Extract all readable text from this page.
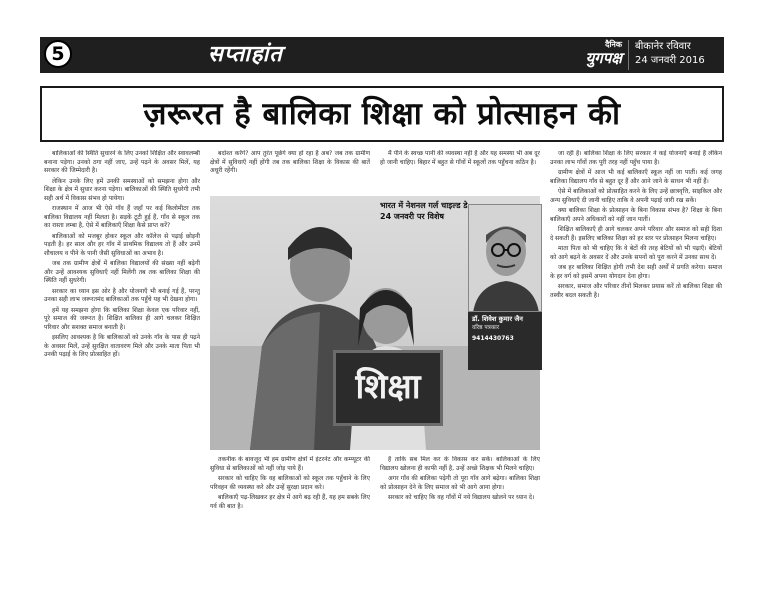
5	सप्ताहांत	दैनिक
युगपक्ष
बीकानेर रविवार
24 जनवरी 2016
ज़रूरत है बालिका शिक्षा को प्रोत्साहन की

बालिकाओं की स्थिति सुधारने के लिए उनको शिक्षित और स्वावलम्बी बनाना पड़ेगा। उनको ठगा नहीं जाए, उन्हें पढ़ने के अवसर मिलें, यह सरकार की जिम्मेदारी है।

लेकिन उनके लिए हमें उनकी समस्याओं को समझना होगा और शिक्षा के क्षेत्र में सुधार करना पड़ेगा। बालिकाओं की स्थिति सुधरेगी तभी सही अर्थ में विकास संभव हो पायेगा।

राजस्थान में आज भी ऐसे गाँव हैं जहाँ पर कई किलोमीटर तक बालिका विद्यालय नहीं मिलता है। सड़कें टूटी हुई हैं, गाँव से स्कूल तक का रास्ता लम्बा है, ऐसे में बालिकाएँ शिक्षा कैसे प्राप्त करें?

बालिकाओं को मजबूर होकर स्कूल और कॉलेज से पढ़ाई छोड़नी पड़ती है। हर साल और हर गाँव में प्राथमिक विद्यालय तो हैं और उनमें शौचालय व पीने के पानी जैसी सुविधाओं का अभाव है।

जब तक ग्रामीण क्षेत्रों में बालिका विद्यालयों की संख्या नहीं बढ़ेगी और उन्हें आवश्यक सुविधाएँ नहीं मिलेंगी तब तक बालिका शिक्षा की स्थिति नहीं सुधरेगी।

सरकार का ध्यान इस ओर है और योजनाएँ भी बनाई गई हैं, परन्तु उनका सही लाभ जरूरतमंद बालिकाओं तक पहुँचे यह भी देखना होगा।

हमें यह समझना होगा कि बालिका शिक्षा केवल एक परिवार नहीं, पूरे समाज की जरूरत है। शिक्षित बालिका ही आगे चलकर शिक्षित परिवार और सशक्त समाज बनाती है।

इसलिए आवश्यक है कि बालिकाओं को उनके गाँव के पास ही पढ़ने के अवसर मिलें, उन्हें सुरक्षित वातावरण मिले और उनके माता पिता भी उनकी पढ़ाई के लिए प्रोत्साहित हों।

बर्दाश्त करेंगे? आप तुरंत पूछेंगे क्या हो रहा है अब? जब तक ग्रामीण क्षेत्रों में सुविधाएँ नहीं होंगी तब तक बालिका शिक्षा के विकास की बातें अधूरी रहेंगी।

मैं पीने के स्वच्छ पानी की व्यवस्था नहीं है और यह समस्या भी अब दूर हो जानी चाहिए। बिहार में बहुत से गाँवों में स्कूलों तक पहुँचना कठिन है।

जा रही है। बालिका शिक्षा के लिए सरकार ने कई योजनाएँ बनाई हैं लेकिन उनका लाभ गाँवों तक पूरी तरह नहीं पहुँच पाया है।

ग्रामीण क्षेत्रों में आज भी कई बालिकाएँ स्कूल नहीं जा पातीं। कई जगह बालिका विद्यालय गाँव से बहुत दूर हैं और आने जाने के साधन भी नहीं हैं।

ऐसे में बालिकाओं को प्रोत्साहित करने के लिए उन्हें छात्रवृत्ति, साइकिल और अन्य सुविधाएँ दी जानी चाहिए ताकि वे अपनी पढ़ाई जारी रख सकें।

क्या बालिका शिक्षा के प्रोत्साहन के बिना विकास संभव है? शिक्षा के बिना बालिकाएँ अपने अधिकारों को नहीं जान पातीं।

शिक्षित बालिकाएँ ही आगे चलकर अपने परिवार और समाज को सही दिशा दे सकती हैं। इसलिए बालिका शिक्षा को हर स्तर पर प्रोत्साहन मिलना चाहिए।

माता पिता को भी चाहिए कि वे बेटों की तरह बेटियों को भी पढ़ाएँ। बेटियों को आगे बढ़ने के अवसर दें और उनके सपनों को पूरा करने में उनका साथ दें।

जब हर बालिका शिक्षित होगी तभी देश सही अर्थों में प्रगति करेगा। समाज के हर वर्ग को इसमें अपना योगदान देना होगा।

सरकार, समाज और परिवार तीनों मिलकर प्रयास करें तो बालिका शिक्षा की तस्वीर बदल सकती है।

तकनीक के बावजूद भी हम ग्रामीण क्षेत्रों में इंटरनेट और कम्प्यूटर की सुविधा से बालिकाओं को नहीं जोड़ पाये हैं।

सरकार को चाहिए कि वह बालिकाओं को स्कूल तक पहुँचाने के लिए परिवहन की व्यवस्था करे और उन्हें सुरक्षा प्रदान करे।

बालिकाएँ पढ़-लिखकर हर क्षेत्र में आगे बढ़ रही हैं, यह हम सबके लिए गर्व की बात है।

है ताकि सब मिल कर के विकास कर सकें। बालिकाओं के लिए विद्यालय खोलना ही काफी नहीं है, उन्हें अच्छे शिक्षक भी मिलने चाहिए।

अगर गाँव की बालिका पढ़ेगी तो पूरा गाँव आगे बढ़ेगा। बालिका शिक्षा को प्रोत्साहन देने के लिए समाज को भी आगे आना होगा।

सरकार को चाहिए कि वह गाँवों में नये विद्यालय खोलने पर ध्यान दे।

शिक्षा
भारत में नेशनल गर्ल चाइल्ड डे 24 जनवरी पर विशेष
डॉ. शिवेश कुमार जैन
वरिष्ठ पत्रकार
9414430763
